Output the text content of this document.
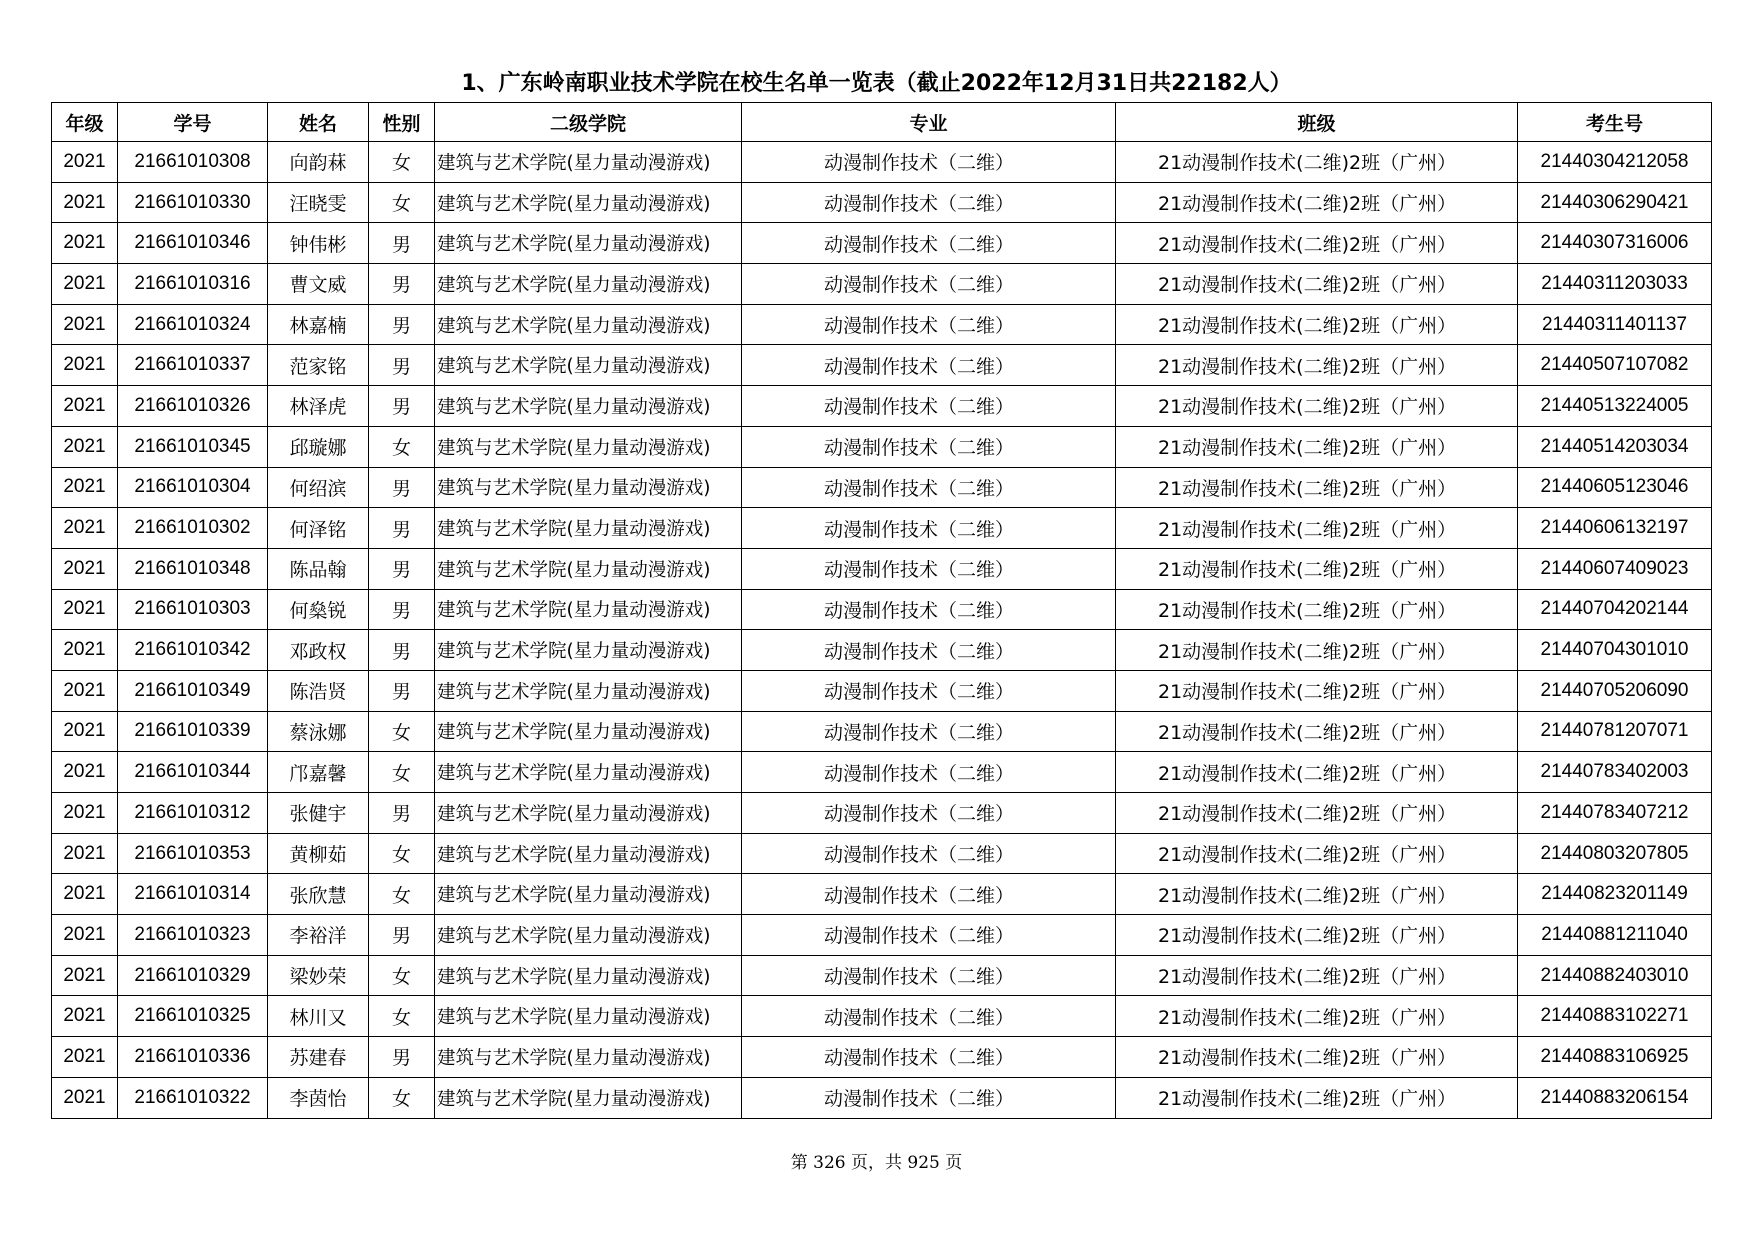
1、广东岭南职业技术学院在校生名单一览表（截止2022年12月31日共22182人）
年级	学号	姓名	性别	二级学院	专业	班级	考生号
2021	21661010308	向韵菻	女	建筑与艺术学院(星力量动漫游戏)	动漫制作技术（二维）	21动漫制作技术(二维)2班（广州）	21440304212058
2021	21661010330	汪晓雯	女	建筑与艺术学院(星力量动漫游戏)	动漫制作技术（二维）	21动漫制作技术(二维)2班（广州）	21440306290421
2021	21661010346	钟伟彬	男	建筑与艺术学院(星力量动漫游戏)	动漫制作技术（二维）	21动漫制作技术(二维)2班（广州）	21440307316006
2021	21661010316	曹文威	男	建筑与艺术学院(星力量动漫游戏)	动漫制作技术（二维）	21动漫制作技术(二维)2班（广州）	21440311203033
2021	21661010324	林嘉楠	男	建筑与艺术学院(星力量动漫游戏)	动漫制作技术（二维）	21动漫制作技术(二维)2班（广州）	21440311401137
2021	21661010337	范家铭	男	建筑与艺术学院(星力量动漫游戏)	动漫制作技术（二维）	21动漫制作技术(二维)2班（广州）	21440507107082
2021	21661010326	林泽虎	男	建筑与艺术学院(星力量动漫游戏)	动漫制作技术（二维）	21动漫制作技术(二维)2班（广州）	21440513224005
2021	21661010345	邱璇娜	女	建筑与艺术学院(星力量动漫游戏)	动漫制作技术（二维）	21动漫制作技术(二维)2班（广州）	21440514203034
2021	21661010304	何绍滨	男	建筑与艺术学院(星力量动漫游戏)	动漫制作技术（二维）	21动漫制作技术(二维)2班（广州）	21440605123046
2021	21661010302	何泽铭	男	建筑与艺术学院(星力量动漫游戏)	动漫制作技术（二维）	21动漫制作技术(二维)2班（广州）	21440606132197
2021	21661010348	陈品翰	男	建筑与艺术学院(星力量动漫游戏)	动漫制作技术（二维）	21动漫制作技术(二维)2班（广州）	21440607409023
2021	21661010303	何燊锐	男	建筑与艺术学院(星力量动漫游戏)	动漫制作技术（二维）	21动漫制作技术(二维)2班（广州）	21440704202144
2021	21661010342	邓政权	男	建筑与艺术学院(星力量动漫游戏)	动漫制作技术（二维）	21动漫制作技术(二维)2班（广州）	21440704301010
2021	21661010349	陈浩贤	男	建筑与艺术学院(星力量动漫游戏)	动漫制作技术（二维）	21动漫制作技术(二维)2班（广州）	21440705206090
2021	21661010339	蔡泳娜	女	建筑与艺术学院(星力量动漫游戏)	动漫制作技术（二维）	21动漫制作技术(二维)2班（广州）	21440781207071
2021	21661010344	邝嘉馨	女	建筑与艺术学院(星力量动漫游戏)	动漫制作技术（二维）	21动漫制作技术(二维)2班（广州）	21440783402003
2021	21661010312	张健宇	男	建筑与艺术学院(星力量动漫游戏)	动漫制作技术（二维）	21动漫制作技术(二维)2班（广州）	21440783407212
2021	21661010353	黄柳茹	女	建筑与艺术学院(星力量动漫游戏)	动漫制作技术（二维）	21动漫制作技术(二维)2班（广州）	21440803207805
2021	21661010314	张欣慧	女	建筑与艺术学院(星力量动漫游戏)	动漫制作技术（二维）	21动漫制作技术(二维)2班（广州）	21440823201149
2021	21661010323	李裕洋	男	建筑与艺术学院(星力量动漫游戏)	动漫制作技术（二维）	21动漫制作技术(二维)2班（广州）	21440881211040
2021	21661010329	梁妙荣	女	建筑与艺术学院(星力量动漫游戏)	动漫制作技术（二维）	21动漫制作技术(二维)2班（广州）	21440882403010
2021	21661010325	林川又	女	建筑与艺术学院(星力量动漫游戏)	动漫制作技术（二维）	21动漫制作技术(二维)2班（广州）	21440883102271
2021	21661010336	苏建春	男	建筑与艺术学院(星力量动漫游戏)	动漫制作技术（二维）	21动漫制作技术(二维)2班（广州）	21440883106925
2021	21661010322	李茵怡	女	建筑与艺术学院(星力量动漫游戏)	动漫制作技术（二维）	21动漫制作技术(二维)2班（广州）	21440883206154
第 326 页，共 925 页
